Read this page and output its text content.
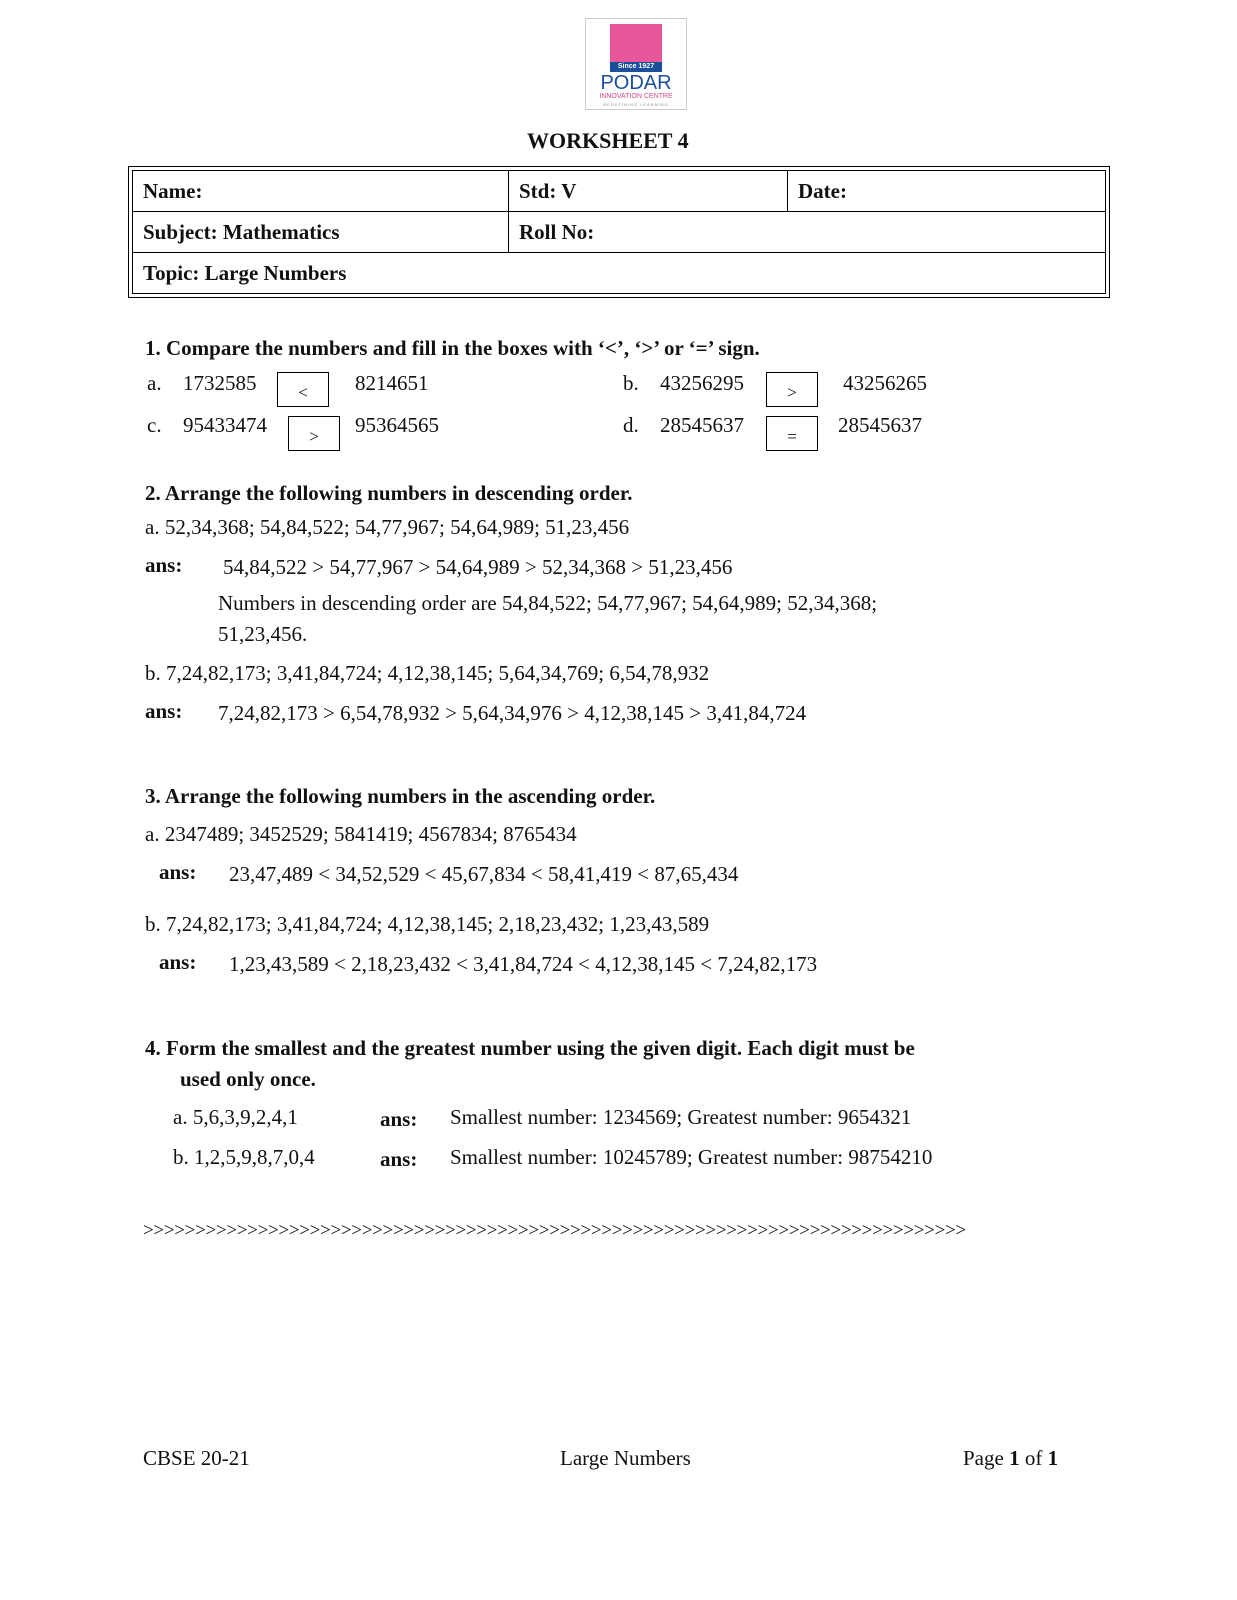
Since 1927
PODAR
INNOVATION CENTRE
REDEFINING LEARNING
WORKSHEET 4
Name:	Std: V	Date:
Subject: Mathematics	Roll No:	
Topic: Large Numbers		
1. Compare the numbers and fill in the boxes with ‘<’, ‘>’ or ‘=’ sign.
a. 1732585	<	8214651	b. 43256295	>	43256265
c. 95433474	>	95364565	d. 28545637	=	28545637
2. Arrange the following numbers in descending order.
a. 52,34,368; 54,84,522; 54,77,967; 54,64,989; 51,23,456
ans: 54,84,522 > 54,77,967 > 54,64,989 > 52,34,368 > 51,23,456
Numbers in descending order are 54,84,522; 54,77,967; 54,64,989; 52,34,368;
51,23,456.
b. 7,24,82,173; 3,41,84,724; 4,12,38,145; 5,64,34,769; 6,54,78,932
ans: 7,24,82,173 > 6,54,78,932 > 5,64,34,976 > 4,12,38,145 > 3,41,84,724
3. Arrange the following numbers in the ascending order.
a. 2347489; 3452529; 5841419; 4567834; 8765434
ans: 23,47,489 < 34,52,529 < 45,67,834 < 58,41,419 < 87,65,434
b. 7,24,82,173; 3,41,84,724; 4,12,38,145; 2,18,23,432; 1,23,43,589
ans: 1,23,43,589 < 2,18,23,432 < 3,41,84,724 < 4,12,38,145 < 7,24,82,173
4. Form the smallest and the greatest number using the given digit. Each digit must be
used only once.
a. 5,6,3,9,2,4,1	ans: Smallest number: 1234569; Greatest number: 9654321
b. 1,2,5,9,8,7,0,4	ans: Smallest number: 10245789; Greatest number: 98754210
>>>>>>>>>>>>>>>>>>>>>>>>>>>>>>>>>>>>>>>>>>>>>>>>>>>>>>>>>>>>>>>>>>>>>>>>>>>>>>>
CBSE 20-21	Large Numbers	Page 1 of 1
